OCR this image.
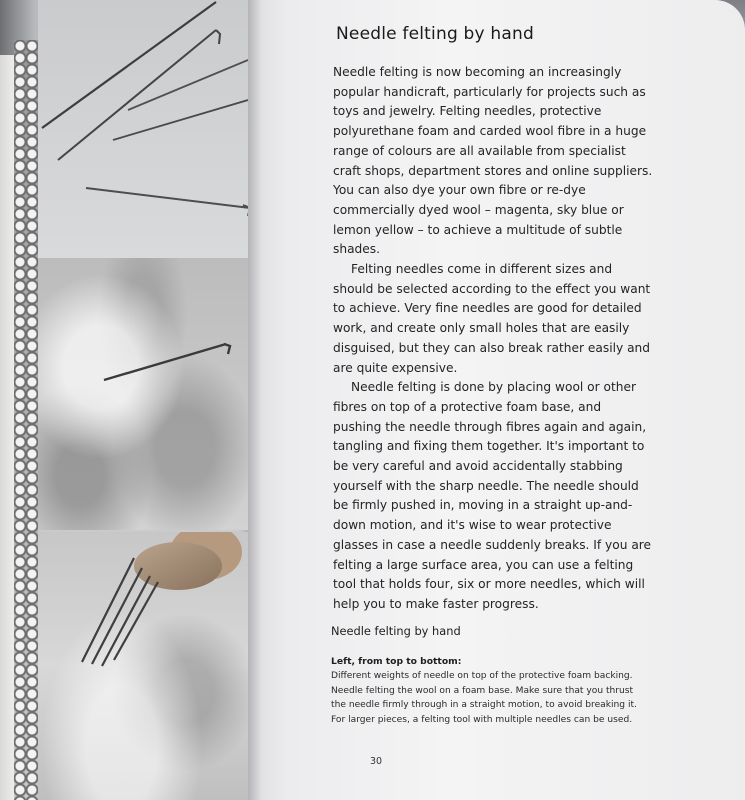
Needle felting by hand

Needle felting is now becoming an increasingly popular handicraft, particularly for projects such as toys and jewelry. Felting needles, protective polyurethane foam and carded wool fibre in a huge range of colours are all available from specialist craft shops, department stores and online suppliers. You can also dye your own fibre or re-dye commercially dyed wool – magenta, sky blue or lemon yellow – to achieve a multitude of subtle shades.

Felting needles come in different sizes and should be selected according to the effect you want to achieve. Very fine needles are good for detailed work, and create only small holes that are easily disguised, but they can also break rather easily and are quite expensive.

Needle felting is done by placing wool or other fibres on top of a protective foam base, and pushing the needle through fibres again and again, tangling and fixing them together. It's important to be very careful and avoid accidentally stabbing yourself with the sharp needle. The needle should be firmly pushed in, moving in a straight up-and-down motion, and it's wise to wear protective glasses in case a needle suddenly breaks. If you are felting a large surface area, you can use a felting tool that holds four, six or more needles, which will help you to make faster progress.

Needle felting by hand

Left, from top to bottom:

Different weights of needle on top of the protective foam backing. Needle felting the wool on a foam base. Make sure that you thrust the needle firmly through in a straight motion, to avoid breaking it. For larger pieces, a felting tool with multiple needles can be used.

30
